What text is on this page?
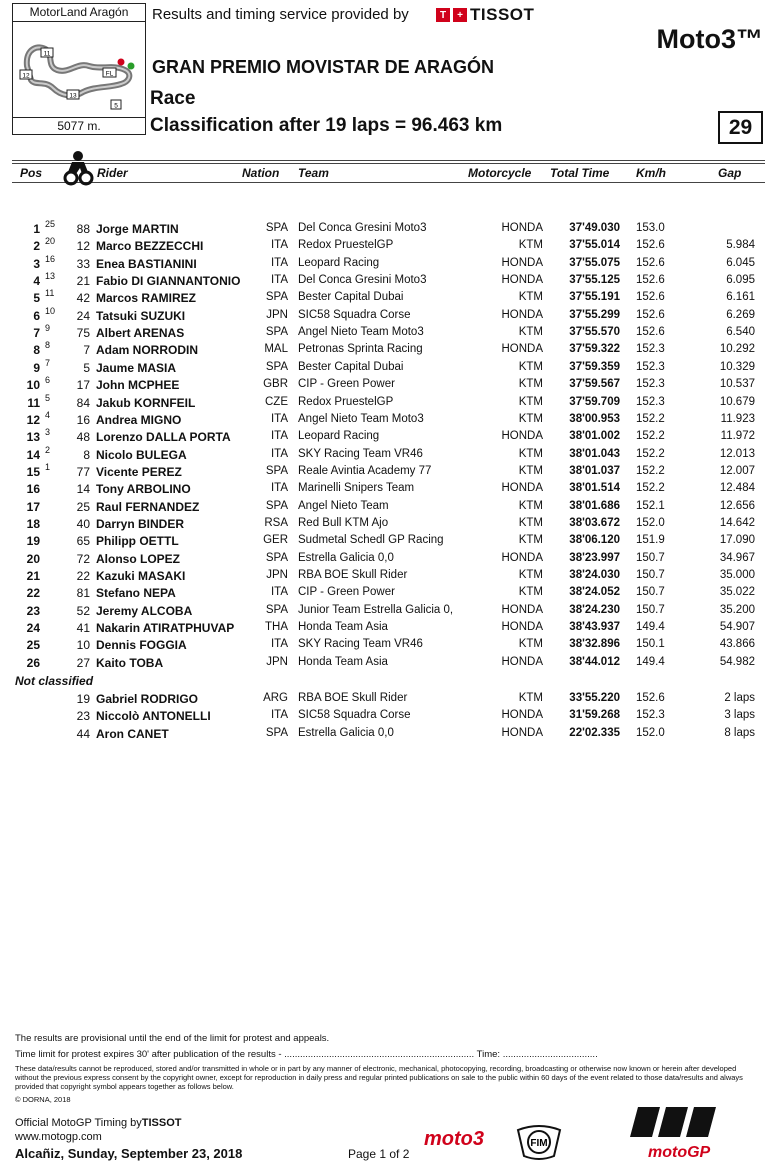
MotorLand Aragón
11
FL
12
13
5
5077 m.
Results and timing service provided by	T	+ TISSOT
Moto3™
GRAN PREMIO MOVISTAR DE ARAGÓN
Race
Classification after 19 laps = 96.463 km	29
Pos	Rider	Nation Team	Motorcycle Total Time Km/h	Gap
1 25	88 Jorge MARTIN	SPA Del Conca Gresini Moto3	HONDA	37'49.030 153.0
2 20	12 Marco BEZZECCHI	ITA Redox PruestelGP	KTM	37'55.014 152.6	5.984
3 16	33 Enea BASTIANINI	ITA Leopard Racing	HONDA	37'55.075 152.6	6.045
4 13	21 Fabio DI GIANNANTONIO	ITA Del Conca Gresini Moto3	HONDA	37'55.125 152.6	6.095
5 11	42 Marcos RAMIREZ	SPA Bester Capital Dubai	KTM	37'55.191 152.6	6.161
6 10	24 Tatsuki SUZUKI	JPN SIC58 Squadra Corse	HONDA	37'55.299 152.6	6.269
7 9	75 Albert ARENAS	SPA Angel Nieto Team Moto3	KTM	37'55.570 152.6	6.540
8 8	7 Adam NORRODIN	MAL Petronas Sprinta Racing	HONDA	37'59.322 152.3	10.292
9 7	5 Jaume MASIA	SPA Bester Capital Dubai	KTM	37'59.359 152.3	10.329
10 6	17 John MCPHEE	GBR CIP - Green Power	KTM	37'59.567 152.3	10.537
11 5	84 Jakub KORNFEIL	CZE Redox PruestelGP	KTM	37'59.709 152.3	10.679
12 4	16 Andrea MIGNO	ITA Angel Nieto Team Moto3	KTM	38'00.953 152.2	11.923
13 3	48 Lorenzo DALLA PORTA	ITA Leopard Racing	HONDA	38'01.002 152.2	11.972
14 2	8 Nicolo BULEGA	ITA SKY Racing Team VR46	KTM	38'01.043 152.2	12.013
15 1	77 Vicente PEREZ	SPA Reale Avintia Academy 77	KTM	38'01.037 152.2	12.007
16	14 Tony ARBOLINO	ITA Marinelli Snipers Team	HONDA	38'01.514 152.2	12.484
17	25 Raul FERNANDEZ	SPA Angel Nieto Team	KTM	38'01.686 152.1	12.656
18	40 Darryn BINDER	RSA Red Bull KTM Ajo	KTM	38'03.672 152.0	14.642
19	65 Philipp OETTL	GER Sudmetal Schedl GP Racing	KTM	38'06.120 151.9	17.090
20	72 Alonso LOPEZ	SPA Estrella Galicia 0,0	HONDA	38'23.997 150.7	34.967
21	22 Kazuki MASAKI	JPN RBA BOE Skull Rider	KTM	38'24.030 150.7	35.000
22	81 Stefano NEPA	ITA CIP - Green Power	KTM	38'24.052 150.7	35.022
23	52 Jeremy ALCOBA	SPA Junior Team Estrella Galicia 0,	HONDA	38'24.230 150.7	35.200
24	41 Nakarin ATIRATPHUVAP	THA Honda Team Asia	HONDA	38'43.937 149.4	54.907
25	10 Dennis FOGGIA	ITA SKY Racing Team VR46	KTM	38'32.896 150.1	43.866
26	27 Kaito TOBA	JPN Honda Team Asia	HONDA	38'44.012 149.4	54.982
19 Gabriel RODRIGO	ARG RBA BOE Skull Rider	KTM	33'55.220 152.6	2 laps
23 Niccolò ANTONELLI	ITA SIC58 Squadra Corse	HONDA	31'59.268 152.3	3 laps
44 Aron CANET	SPA Estrella Galicia 0,0	HONDA	22'02.335 152.0	8 laps
Not classified
The results are provisional until the end of the limit for protest and appeals.
Time limit for protest expires 30' after publication of the results - ........................................................................ Time: ....................................
These data/results cannot be reproduced, stored and/or transmitted in whole or in part by any manner of electronic, mechanical, photocopying, recording, broadcasting or otherwise now known or herein after developed without the previous express consent by the copyright owner, except for reproduction in daily press and regular printed publications on sale to the public within 60 days of the event related to those data/results and always provided that copyright symbol appears together as follows below.
© DORNA, 2018
Official MotoGP Timing byTISSOT
www.motogp.com
Alcañiz, Sunday, September 23, 2018	Page 1 of 2
moto3	FIM
motoGP
